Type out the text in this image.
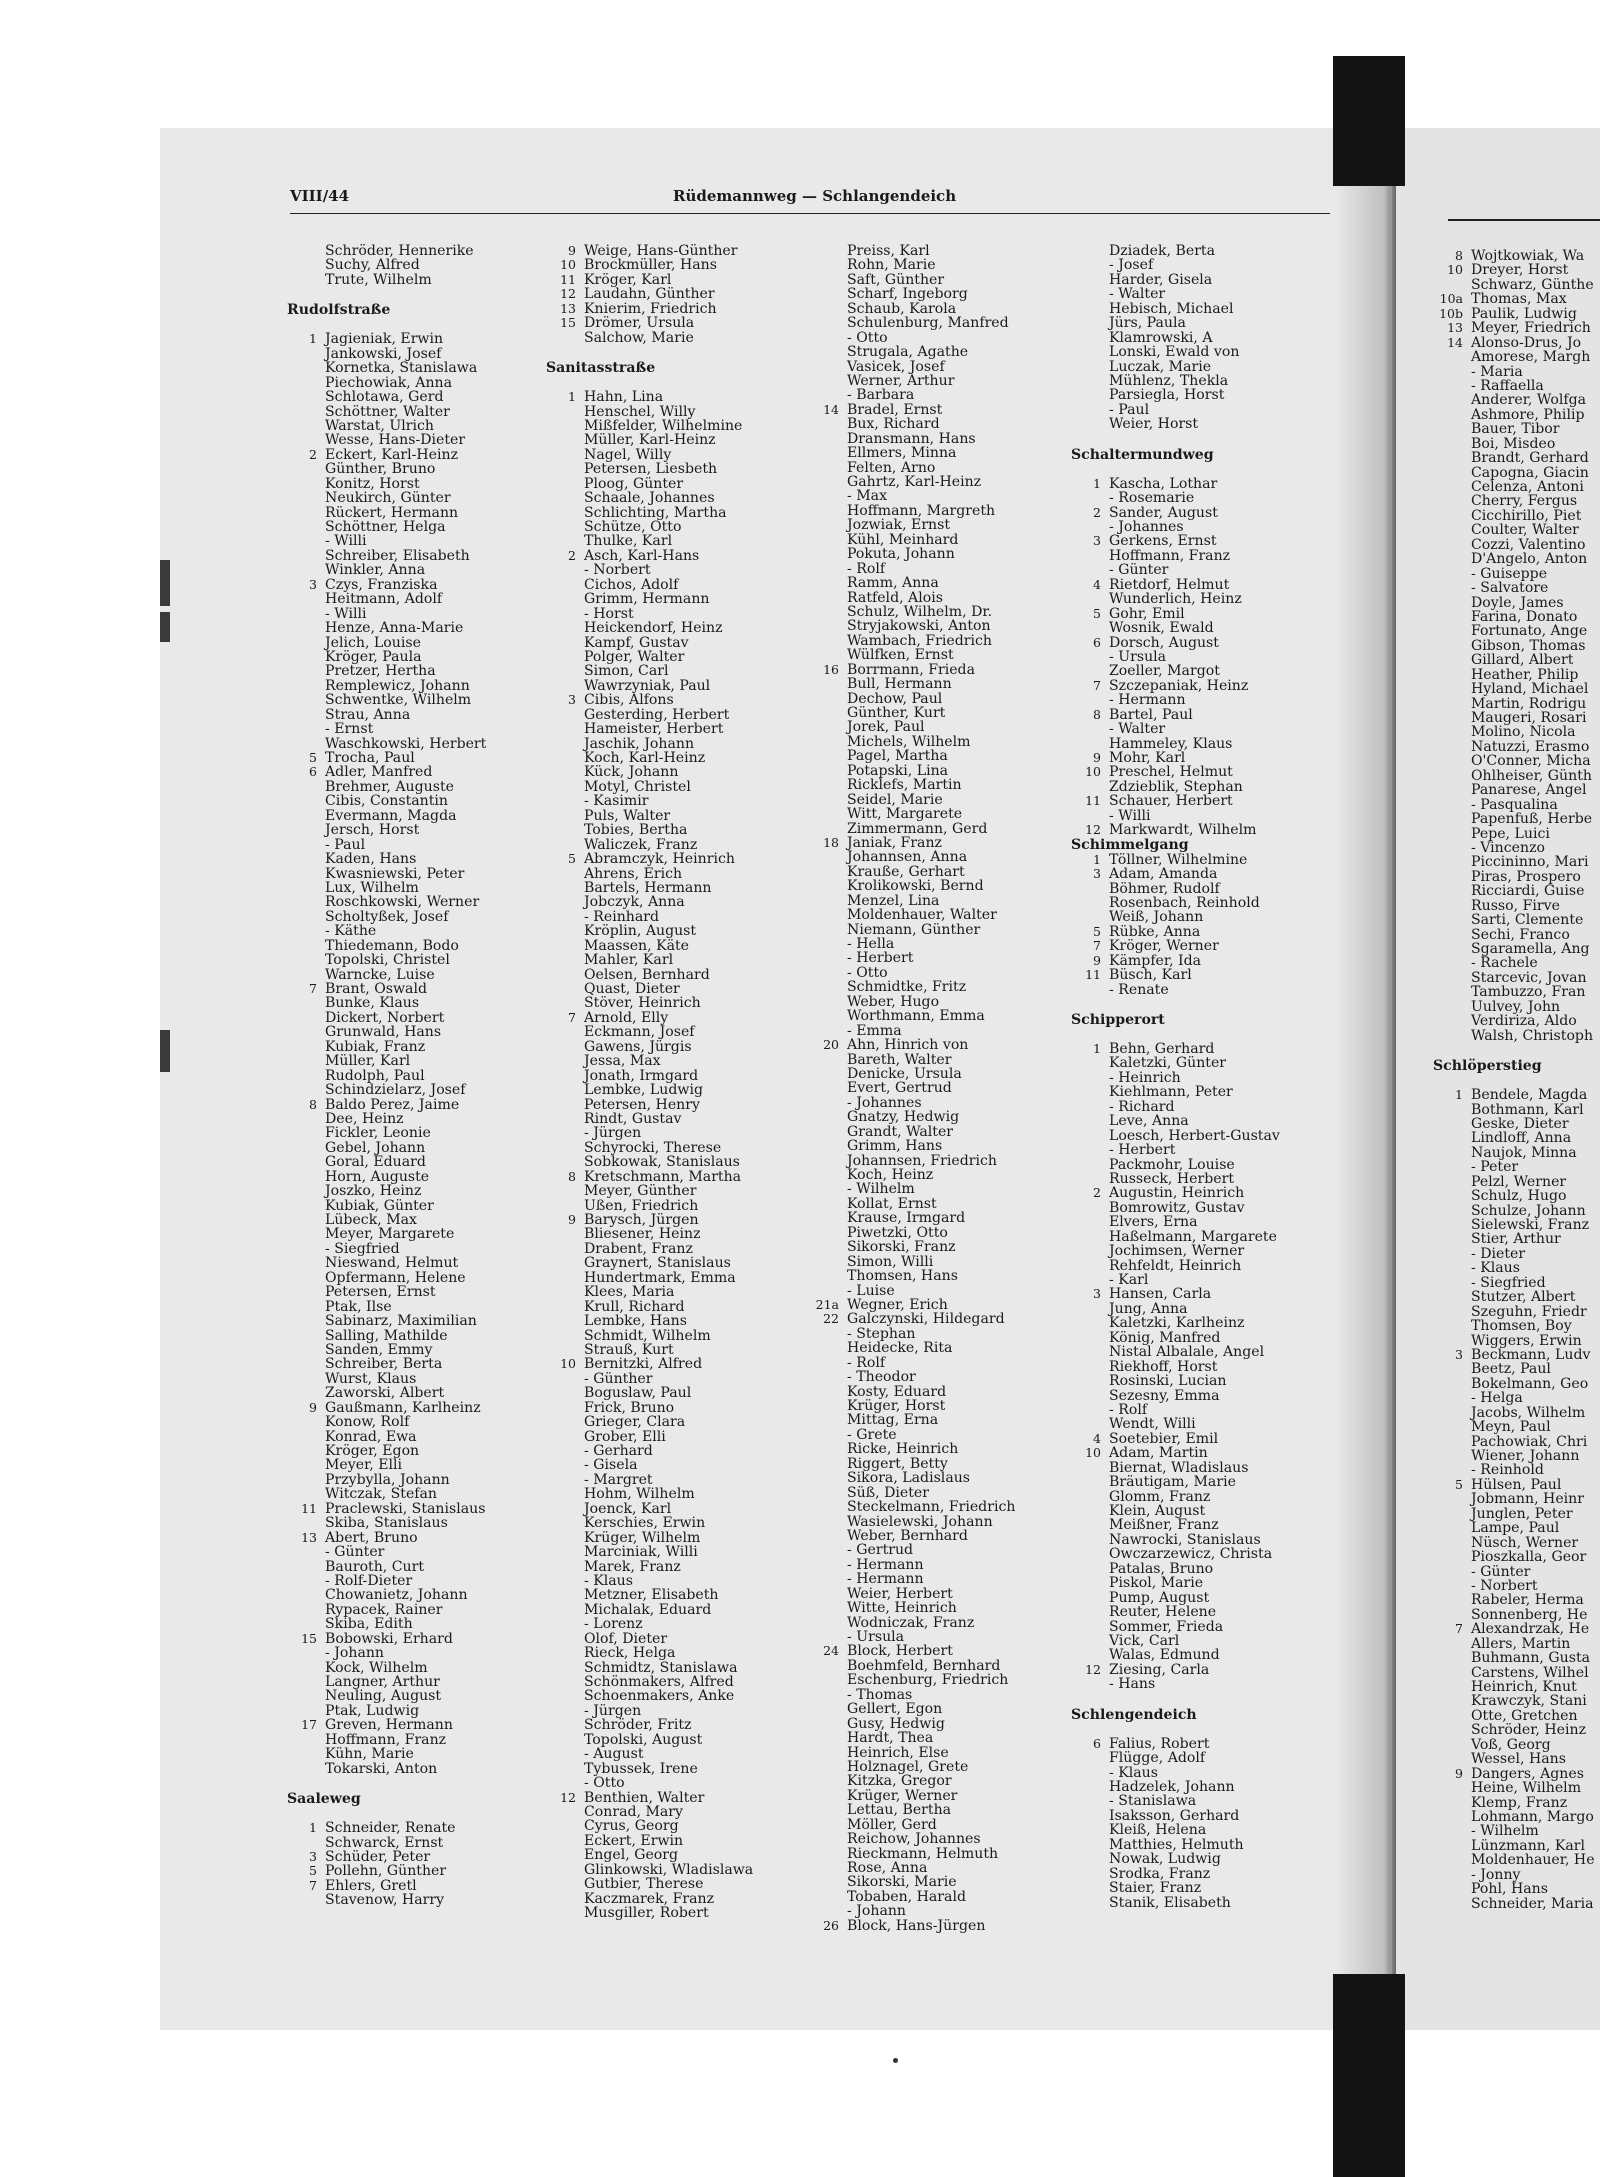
VIII/44	Rüdemannweg — Schlangendeich
Schröder, Hennerike
Suchy, Alfred
Trute, Wilhelm
Rudolfstraße
1 Jagieniak, Erwin
Jankowski, Josef
Kornetka, Stanislawa
Piechowiak, Anna
Schlotawa, Gerd
Schöttner, Walter
Warstat, Ulrich
Wesse, Hans-Dieter
2 Eckert, Karl-Heinz
Günther, Bruno
Konitz, Horst
Neukirch, Günter
Rückert, Hermann
Schöttner, Helga
- Willi
Schreiber, Elisabeth
Winkler, Anna
3 Czys, Franziska
Heitmann, Adolf
- Willi
Henze, Anna-Marie
Jelich, Louise
Kröger, Paula
Pretzer, Hertha
Remplewicz, Johann
Schwentke, Wilhelm
Strau, Anna
- Ernst
Waschkowski, Herbert
5 Trocha, Paul
6 Adler, Manfred
Brehmer, Auguste
Cibis, Constantin
Evermann, Magda
Jersch, Horst
- Paul
Kaden, Hans
Kwasniewski, Peter
Lux, Wilhelm
Roschkowski, Werner
Scholtyßek, Josef
- Käthe
Thiedemann, Bodo
Topolski, Christel
Warncke, Luise
7 Brant, Oswald
Bunke, Klaus
Dickert, Norbert
Grunwald, Hans
Kubiak, Franz
Müller, Karl
Rudolph, Paul
Schindzielarz, Josef
8 Baldo Perez, Jaime
Dee, Heinz
Fickler, Leonie
Gebel, Johann
Goral, Eduard
Horn, Auguste
Joszko, Heinz
Kubiak, Günter
Lübeck, Max
Meyer, Margarete
- Siegfried
Nieswand, Helmut
Opfermann, Helene
Petersen, Ernst
Ptak, Ilse
Sabinarz, Maximilian
Salling, Mathilde
Sanden, Emmy
Schreiber, Berta
Wurst, Klaus
Zaworski, Albert
9 Gaußmann, Karlheinz
Konow, Rolf
Konrad, Ewa
Kröger, Egon
Meyer, Elli
Przybylla, Johann
Witczak, Stefan
11 Praclewski, Stanislaus
Skiba, Stanislaus
13 Abert, Bruno
- Günter
Bauroth, Curt
- Rolf-Dieter
Chowanietz, Johann
Rypacek, Rainer
Skiba, Edith
15 Bobowski, Erhard
- Johann
Kock, Wilhelm
Langner, Arthur
Neuling, August
Ptak, Ludwig
17 Greven, Hermann
Hoffmann, Franz
Kühn, Marie
Tokarski, Anton
Saaleweg
1 Schneider, Renate
Schwarck, Ernst
3 Schüder, Peter
5 Pollehn, Günther
7 Ehlers, Gretl
Stavenow, Harry
9 Weige, Hans-Günther
10 Brockmüller, Hans
11 Kröger, Karl
12 Laudahn, Günther
13 Knierim, Friedrich
15 Drömer, Ursula
Salchow, Marie
Sanitasstraße
1 Hahn, Lina
Henschel, Willy
Mißfelder, Wilhelmine
Müller, Karl-Heinz
Nagel, Willy
Petersen, Liesbeth
Ploog, Günter
Schaale, Johannes
Schlichting, Martha
Schütze, Otto
Thulke, Karl
2 Asch, Karl-Hans
- Norbert
Cichos, Adolf
Grimm, Hermann
- Horst
Heickendorf, Heinz
Kampf, Gustav
Polger, Walter
Simon, Carl
Wawrzyniak, Paul
3 Cibis, Alfons
Gesterding, Herbert
Hameister, Herbert
Jaschik, Johann
Koch, Karl-Heinz
Kück, Johann
Motyl, Christel
- Kasimir
Puls, Walter
Tobies, Bertha
Waliczek, Franz
5 Abramczyk, Heinrich
Ahrens, Erich
Bartels, Hermann
Jobczyk, Anna
- Reinhard
Kröplin, August
Maassen, Käte
Mahler, Karl
Oelsen, Bernhard
Quast, Dieter
Stöver, Heinrich
7 Arnold, Elly
Eckmann, Josef
Gawens, Jürgis
Jessa, Max
Jonath, Irmgard
Lembke, Ludwig
Petersen, Henry
Rindt, Gustav
- Jürgen
Schyrocki, Therese
Sobkowak, Stanislaus
8 Kretschmann, Martha
Meyer, Günther
Ußen, Friedrich
9 Barysch, Jürgen
Bliesener, Heinz
Drabent, Franz
Graynert, Stanislaus
Hundertmark, Emma
Klees, Maria
Krull, Richard
Lembke, Hans
Schmidt, Wilhelm
Strauß, Kurt
10 Bernitzki, Alfred
- Günther
Boguslaw, Paul
Frick, Bruno
Grieger, Clara
Grober, Elli
- Gerhard
- Gisela
- Margret
Hohm, Wilhelm
Joenck, Karl
Kerschies, Erwin
Krüger, Wilhelm
Marciniak, Willi
Marek, Franz
- Klaus
Metzner, Elisabeth
Michalak, Eduard
- Lorenz
Olof, Dieter
Rieck, Helga
Schmidtz, Stanislawa
Schönmakers, Alfred
Schoenmakers, Anke
- Jürgen
Schröder, Fritz
Topolski, August
- August
Tybussek, Irene
- Otto
12 Benthien, Walter
Conrad, Mary
Cyrus, Georg
Eckert, Erwin
Engel, Georg
Glinkowski, Wladislawa
Gutbier, Therese
Kaczmarek, Franz
Musgiller, Robert
Preiss, Karl
Rohn, Marie
Saft, Günther
Scharf, Ingeborg
Schaub, Karola
Schulenburg, Manfred
- Otto
Strugala, Agathe
Vasicek, Josef
Werner, Arthur
- Barbara
14 Bradel, Ernst
Bux, Richard
Dransmann, Hans
Ellmers, Minna
Felten, Arno
Gahrtz, Karl-Heinz
- Max
Hoffmann, Margreth
Jozwiak, Ernst
Kühl, Meinhard
Pokuta, Johann
- Rolf
Ramm, Anna
Ratfeld, Alois
Schulz, Wilhelm, Dr.
Stryjakowski, Anton
Wambach, Friedrich
Wülfken, Ernst
16 Borrmann, Frieda
Bull, Hermann
Dechow, Paul
Günther, Kurt
Jorek, Paul
Michels, Wilhelm
Pagel, Martha
Potapski, Lina
Ricklefs, Martin
Seidel, Marie
Witt, Margarete
Zimmermann, Gerd
18 Janiak, Franz
Johannsen, Anna
Krauße, Gerhart
Krolikowski, Bernd
Menzel, Lina
Moldenhauer, Walter
Niemann, Günther
- Hella
- Herbert
- Otto
Schmidtke, Fritz
Weber, Hugo
Worthmann, Emma
- Emma
20 Ahn, Hinrich von
Bareth, Walter
Denicke, Ursula
Evert, Gertrud
- Johannes
Gnatzy, Hedwig
Grandt, Walter
Grimm, Hans
Johannsen, Friedrich
Koch, Heinz
- Wilhelm
Kollat, Ernst
Krause, Irmgard
Piwetzki, Otto
Sikorski, Franz
Simon, Willi
Thomsen, Hans
- Luise
21a Wegner, Erich
22 Galczynski, Hildegard
- Stephan
Heidecke, Rita
- Rolf
- Theodor
Kosty, Eduard
Krüger, Horst
Mittag, Erna
- Grete
Ricke, Heinrich
Riggert, Betty
Sikora, Ladislaus
Süß, Dieter
Steckelmann, Friedrich
Wasielewski, Johann
Weber, Bernhard
- Gertrud
- Hermann
- Hermann
Weier, Herbert
Witte, Heinrich
Wodniczak, Franz
- Ursula
24 Block, Herbert
Boehmfeld, Bernhard
Eschenburg, Friedrich
- Thomas
Gellert, Egon
Gusy, Hedwig
Hardt, Thea
Heinrich, Else
Holznagel, Grete
Kitzka, Gregor
Krüger, Werner
Lettau, Bertha
Möller, Gerd
Reichow, Johannes
Rieckmann, Helmuth
Rose, Anna
Sikorski, Marie
Tobaben, Harald
- Johann
26 Block, Hans-Jürgen
Dziadek, Berta
- Josef
Harder, Gisela
- Walter
Hebisch, Michael
Jürs, Paula
Klamrowski, A
Lonski, Ewald von
Luczak, Marie
Mühlenz, Thekla
Parsiegla, Horst
- Paul
Weier, Horst
Schaltermundweg
1 Kascha, Lothar
- Rosemarie
2 Sander, August
- Johannes
3 Gerkens, Ernst
Hoffmann, Franz
- Günter
4 Rietdorf, Helmut
Wunderlich, Heinz
5 Gohr, Emil
Wosnik, Ewald
6 Dorsch, August
- Ursula
Zoeller, Margot
7 Szczepaniak, Heinz
- Hermann
8 Bartel, Paul
- Walter
Hammeley, Klaus
9 Mohr, Karl
10 Preschel, Helmut
Zdzieblik, Stephan
11 Schauer, Herbert
- Willi
12 Markwardt, Wilhelm
Schimmelgang
1 Töllner, Wilhelmine
3 Adam, Amanda
Böhmer, Rudolf
Rosenbach, Reinhold
Weiß, Johann
5 Rübke, Anna
7 Kröger, Werner
9 Kämpfer, Ida
11 Büsch, Karl
- Renate
Schipperort
1 Behn, Gerhard
Kaletzki, Günter
- Heinrich
Kiehlmann, Peter
- Richard
Leve, Anna
Loesch, Herbert-Gustav
- Herbert
Packmohr, Louise
Russeck, Herbert
2 Augustin, Heinrich
Bomrowitz, Gustav
Elvers, Erna
Haßelmann, Margarete
Jochimsen, Werner
Rehfeldt, Heinrich
- Karl
3 Hansen, Carla
Jung, Anna
Kaletzki, Karlheinz
König, Manfred
Nistal Albalale, Angel
Riekhoff, Horst
Rosinski, Lucian
Sezesny, Emma
- Rolf
Wendt, Willi
4 Soetebier, Emil
10 Adam, Martin
Biernat, Wladislaus
Bräutigam, Marie
Glomm, Franz
Klein, August
Meißner, Franz
Nawrocki, Stanislaus
Owczarzewicz, Christa
Patalas, Bruno
Piskol, Marie
Pump, August
Reuter, Helene
Sommer, Frieda
Vick, Carl
Walas, Edmund
12 Ziesing, Carla
- Hans
Schlengendeich
6 Falius, Robert
Flügge, Adolf
- Klaus
Hadzelek, Johann
- Stanislawa
Isaksson, Gerhard
Kleiß, Helena
Matthies, Helmuth
Nowak, Ludwig
Srodka, Franz
Staier, Franz
Stanik, Elisabeth
8 Wojtkowiak, Wa
10 Dreyer, Horst
Schwarz, Günthe
10a Thomas, Max
10b Paulik, Ludwig
13 Meyer, Friedrich
14 Alonso-Drus, Jo
Amorese, Margh
- Maria
- Raffaella
Anderer, Wolfga
Ashmore, Philip
Bauer, Tibor
Boi, Misdeo
Brandt, Gerhard
Capogna, Giacin
Celenza, Antoni
Cherry, Fergus
Cicchirillo, Piet
Coulter, Walter
Cozzi, Valentino
D'Angelo, Anton
- Guiseppe
- Salvatore
Doyle, James
Farina, Donato
Fortunato, Ange
Gibson, Thomas
Gillard, Albert
Heather, Philip
Hyland, Michael
Martin, Rodrigu
Maugeri, Rosari
Molino, Nicola
Natuzzi, Erasmo
O'Conner, Micha
Ohlheiser, Günth
Panarese, Angel
- Pasqualina
Papenfuß, Herbe
Pepe, Luici
- Vincenzo
Piccininno, Mari
Piras, Prospero
Ricciardi, Guise
Russo, Firve
Sarti, Clemente
Sechi, Franco
Sgaramella, Ang
- Rachele
Starcevic, Jovan
Tambuzzo, Fran
Uulvey, John
Verdiriza, Aldo
Walsh, Christoph
Schlöperstieg
1 Bendele, Magda
Bothmann, Karl
Geske, Dieter
Lindloff, Anna
Naujok, Minna
- Peter
Pelzl, Werner
Schulz, Hugo
Schulze, Johann
Sielewski, Franz
Stier, Arthur
- Dieter
- Klaus
- Siegfried
Stutzer, Albert
Szeguhn, Friedr
Thomsen, Boy
Wiggers, Erwin
3 Beckmann, Ludv
Beetz, Paul
Bokelmann, Geo
- Helga
Jacobs, Wilhelm
Meyn, Paul
Pachowiak, Chri
Wiener, Johann
- Reinhold
5 Hülsen, Paul
Jobmann, Heinr
Junglen, Peter
Lampe, Paul
Nüsch, Werner
Pioszkalla, Geor
- Günter
- Norbert
Rabeler, Herma
Sonnenberg, He
7 Alexandrzak, He
Allers, Martin
Buhmann, Gusta
Carstens, Wilhel
Heinrich, Knut
Krawczyk, Stani
Otte, Gretchen
Schröder, Heinz
Voß, Georg
Wessel, Hans
9 Dangers, Agnes
Heine, Wilhelm
Klemp, Franz
Lohmann, Margo
- Wilhelm
Lünzmann, Karl
Moldenhauer, He
- Jonny
Pohl, Hans
Schneider, Maria
